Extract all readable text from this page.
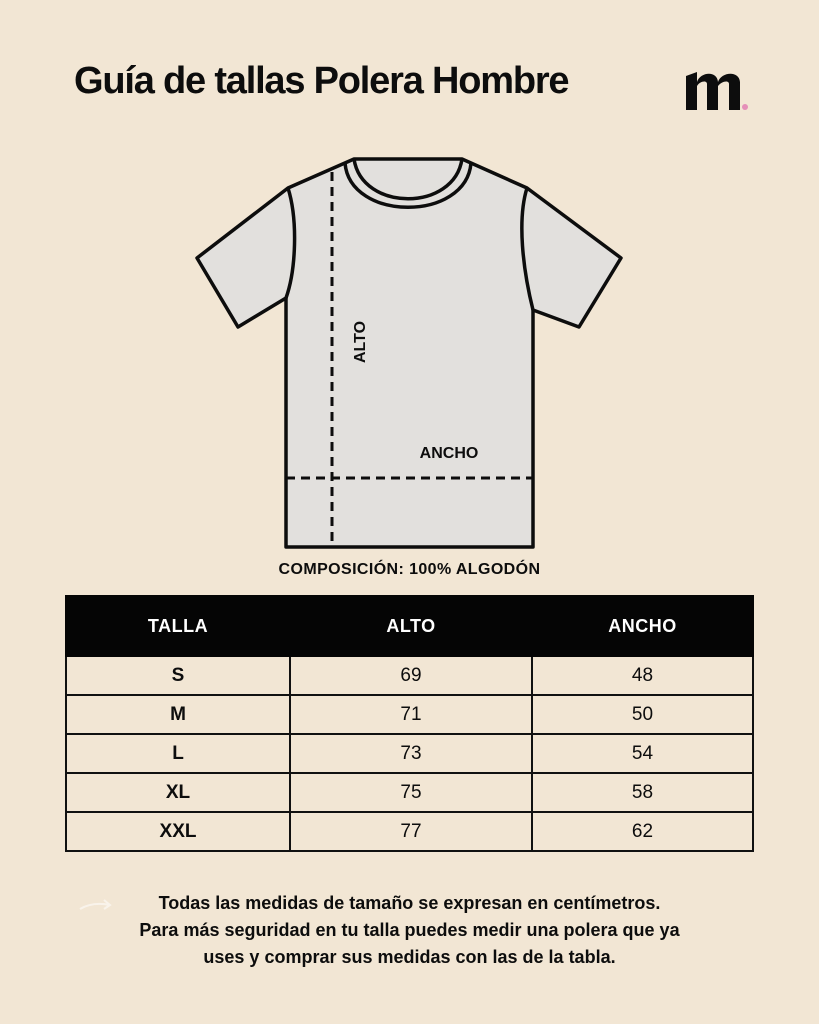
Guía de tallas Polera Hombre
ALTO
ANCHO
COMPOSICIÓN: 100% ALGODÓN
TALLA	ALTO	ANCHO
S	69	48
M	71	50
L	73	54
XL	75	58
XXL	77	62
Todas las medidas de tamaño se expresan en centímetros.
Para más seguridad en tu talla puedes medir una polera que ya
uses y comprar sus medidas con las de la tabla.
